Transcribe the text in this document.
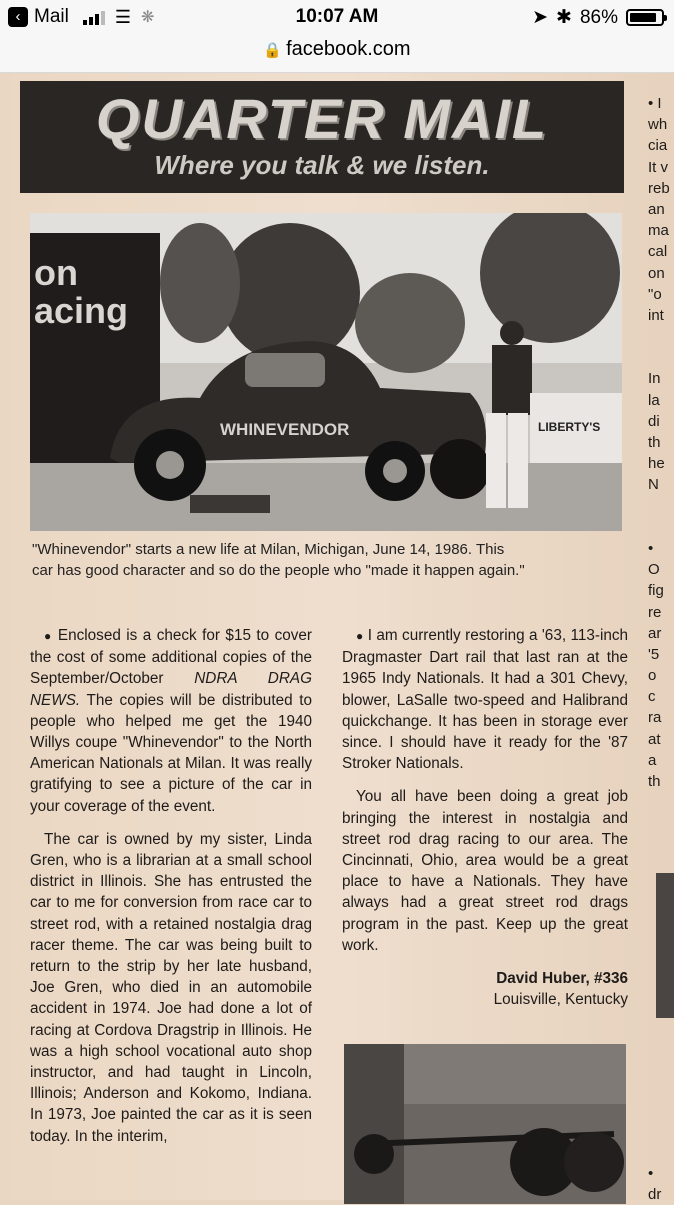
‹ Mail	☰ ❋	10:07 AM	➤ ✱ 86%
🔒 facebook.com
QUARTER MAIL
Where you talk & we listen.
on
acing
WHINEVENDOR	LIBERTY'S
"Whinevendor" starts a new life at Milan, Michigan, June 14, 1986. This
car has good character and so do the people who "made it happen again."

● Enclosed is a check for $15 to cover the cost of some additional copies of the September/October NDRA DRAG NEWS. The copies will be distributed to people who helped me get the 1940 Willys coupe "Whinevendor" to the North American Nationals at Milan. It was really gratifying to see a picture of the car in your coverage of the event.

The car is owned by my sister, Linda Gren, who is a librarian at a small school district in Illinois. She has entrusted the car to me for conversion from race car to street rod, with a retained nostalgia drag racer theme. The car was being built to return to the strip by her late husband, Joe Gren, who died in an automobile accident in 1974. Joe had done a lot of racing at Cordova Dragstrip in Illinois. He was a high school vocational auto shop instructor, and had taught in Lincoln, Illinois; Anderson and Kokomo, Indiana. In 1973, Joe painted the car as it is seen today. In the interim,

● I am currently restoring a '63, 113-inch Dragmaster Dart rail that last ran at the 1965 Indy Nationals. It had a 301 Chevy, blower, LaSalle two-speed and Halibrand quickchange. It has been in storage ever since. I should have it ready for the '87 Stroker Nationals.

You all have been doing a great job bringing the interest in nostalgia and street rod drag racing to our area. The Cincinnati, Ohio, area would be a great place to have a Nationals. They have always had a great street rod drags program in the past. Keep up the great work.

David Huber, #336

Louisville, Kentucky

• I
wh
cia
It v
reb
an
ma
cal
on
"o
int
In
la
di
th
he
N
•
O
fig
re
ar
'5
o
c
ra
at
a
th
•
dr
